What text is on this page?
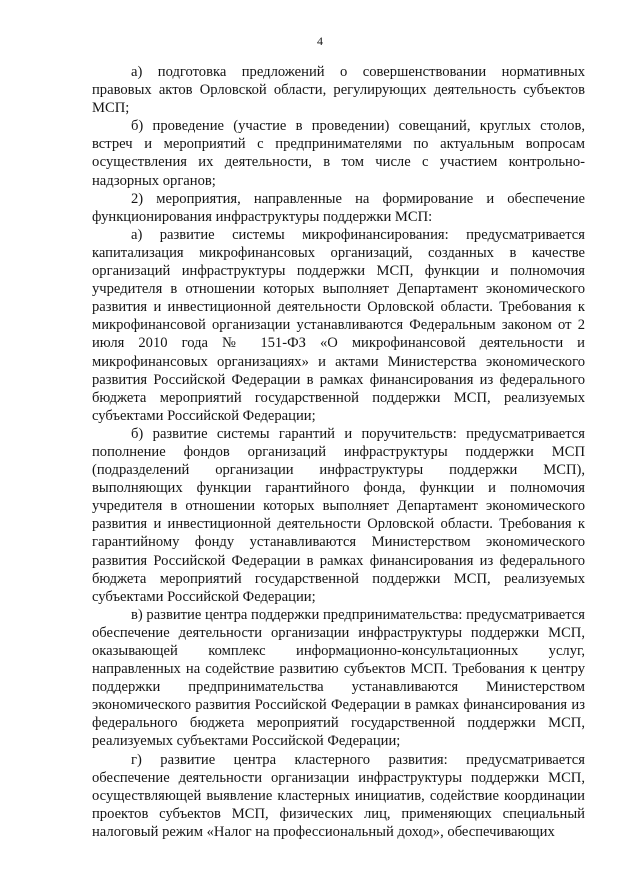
4

а) подготовка предложений о совершенствовании нормативных правовых актов Орловской области, регулирующих деятельность субъектов МСП;

б) проведение (участие в проведении) совещаний, круглых столов, встреч и мероприятий с предпринимателями по актуальным вопросам осуществления их деятельности, в том числе с участием контрольно-надзорных органов;

2) мероприятия, направленные на формирование и обеспечение функционирования инфраструктуры поддержки МСП:

а) развитие системы микрофинансирования: предусматривается капитализация микрофинансовых организаций, созданных в качестве организаций инфраструктуры поддержки МСП, функции и полномочия учредителя в отношении которых выполняет Департамент экономического развития и инвестиционной деятельности Орловской области. Требования к микрофинансовой организации устанавливаются Федеральным законом от 2 июля 2010 года № 151-ФЗ «О микрофинансовой деятельности и микрофинансовых организациях» и актами Министерства экономического развития Российской Федерации в рамках финансирования из федерального бюджета мероприятий государственной поддержки МСП, реализуемых субъектами Российской Федерации;

б) развитие системы гарантий и поручительств: предусматривается пополнение фондов организаций инфраструктуры поддержки МСП (подразделений организации инфраструктуры поддержки МСП), выполняющих функции гарантийного фонда, функции и полномочия учредителя в отношении которых выполняет Департамент экономического развития и инвестиционной деятельности Орловской области. Требования к гарантийному фонду устанавливаются Министерством экономического развития Российской Федерации в рамках финансирования из федерального бюджета мероприятий государственной поддержки МСП, реализуемых субъектами Российской Федерации;

в) развитие центра поддержки предпринимательства: предусматривается обеспечение деятельности организации инфраструктуры поддержки МСП, оказывающей комплекс информационно-консультационных услуг, направленных на содействие развитию субъектов МСП. Требования к центру поддержки предпринимательства устанавливаются Министерством экономического развития Российской Федерации в рамках финансирования из федерального бюджета мероприятий государственной поддержки МСП, реализуемых субъектами Российской Федерации;

г) развитие центра кластерного развития: предусматривается обеспечение деятельности организации инфраструктуры поддержки МСП, осуществляющей выявление кластерных инициатив, содействие координации проектов субъектов МСП, физических лиц, применяющих специальный налоговый режим «Налог на профессиональный доход», обеспечивающих
